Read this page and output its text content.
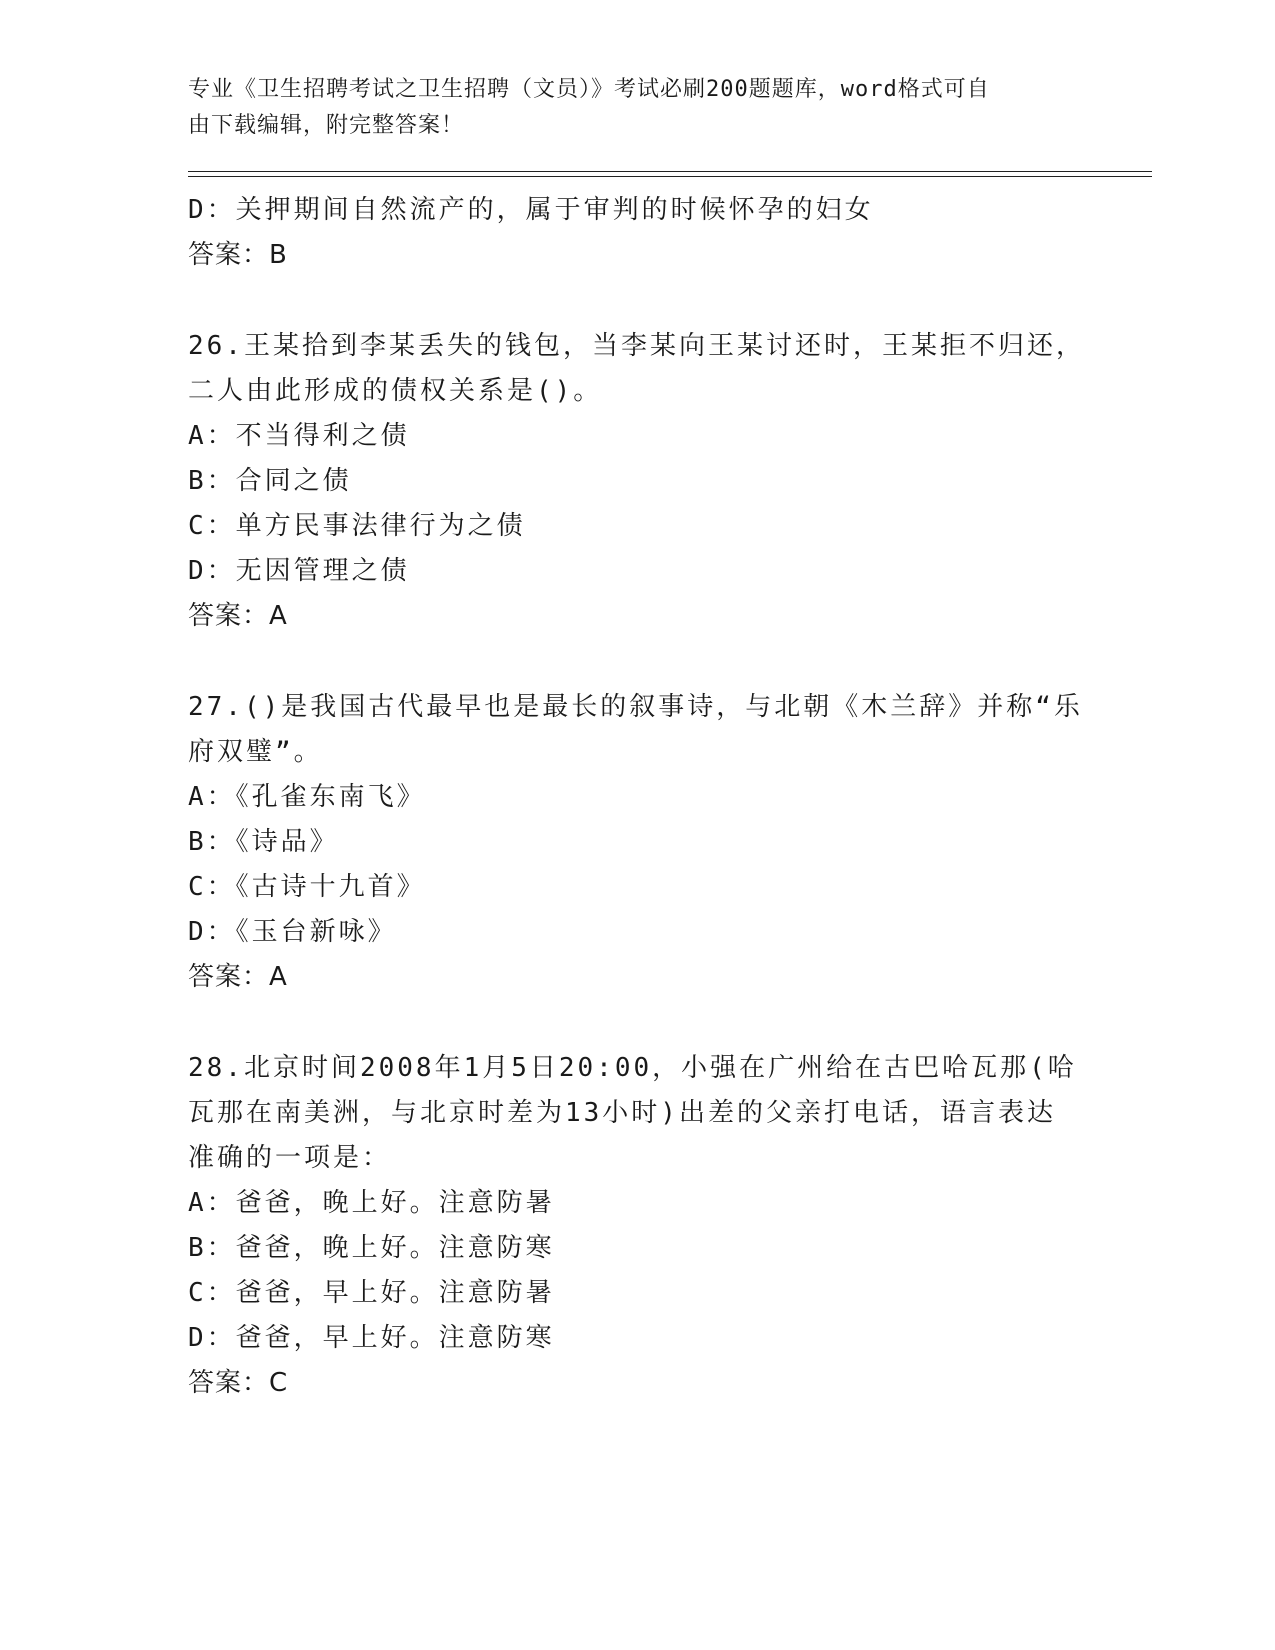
专业《卫生招聘考试之卫生招聘（文员）》考试必刷200题题库，word格式可自
由下载编辑，附完整答案！
D：关押期间自然流产的，属于审判的时候怀孕的妇女
答案：B
26.王某拾到李某丢失的钱包，当李某向王某讨还时，王某拒不归还，
二人由此形成的债权关系是()。
A：不当得利之债
B：合同之债
C：单方民事法律行为之债
D：无因管理之债
答案：A
27.()是我国古代最早也是最长的叙事诗，与北朝《木兰辞》并称“乐
府双璧”。
A：《孔雀东南飞》
B：《诗品》
C：《古诗十九首》
D：《玉台新咏》
答案：A
28.北京时间2008年1月5日20:00，小强在广州给在古巴哈瓦那(哈
瓦那在南美洲，与北京时差为13小时)出差的父亲打电话，语言表达
准确的一项是：
A：爸爸，晚上好。注意防暑
B：爸爸，晚上好。注意防寒
C：爸爸，早上好。注意防暑
D：爸爸，早上好。注意防寒
答案：C
